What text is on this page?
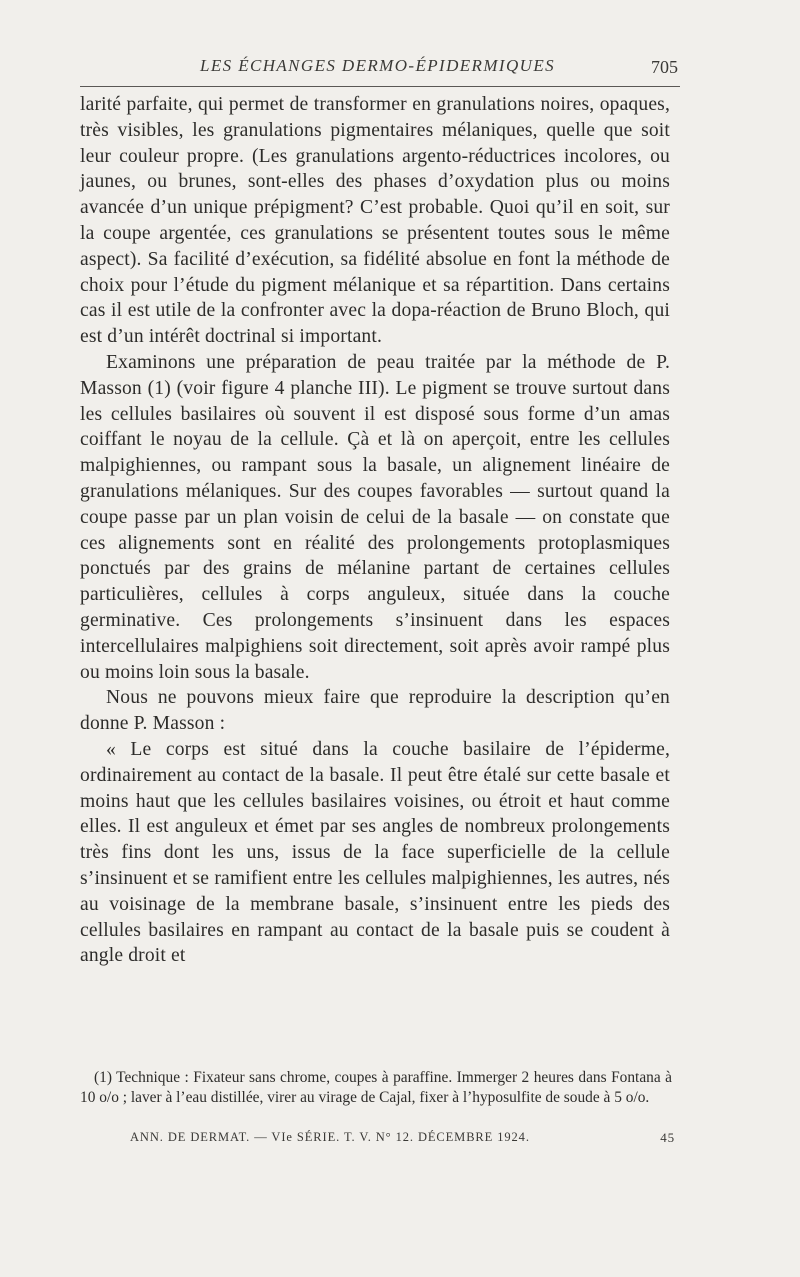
LES ÉCHANGES DERMO-ÉPIDERMIQUES	705

larité parfaite, qui permet de transformer en granulations noires, opaques, très visibles, les granulations pigmentaires mélaniques, quelle que soit leur couleur propre. (Les granulations argento-réductrices incolores, ou jaunes, ou brunes, sont-elles des phases d’oxydation plus ou moins avancée d’un unique prépigment? C’est probable. Quoi qu’il en soit, sur la coupe argentée, ces granulations se présentent toutes sous le même aspect). Sa facilité d’exécution, sa fidélité absolue en font la méthode de choix pour l’étude du pigment mélanique et sa répartition. Dans certains cas il est utile de la confronter avec la dopa-réaction de Bruno Bloch, qui est d’un intérêt doctrinal si important.

Examinons une préparation de peau traitée par la méthode de P. Masson (1) (voir figure 4 planche III). Le pigment se trouve surtout dans les cellules basilaires où souvent il est disposé sous forme d’un amas coiffant le noyau de la cellule. Çà et là on aperçoit, entre les cellules malpighiennes, ou rampant sous la basale, un alignement linéaire de granulations mélaniques. Sur des coupes favorables — surtout quand la coupe passe par un plan voisin de celui de la basale — on constate que ces alignements sont en réalité des prolongements protoplasmiques ponctués par des grains de mélanine partant de certaines cellules particulières, cellules à corps anguleux, située dans la couche germinative. Ces prolongements s’insinuent dans les espaces intercellulaires malpighiens soit directement, soit après avoir rampé plus ou moins loin sous la basale.

Nous ne pouvons mieux faire que reproduire la description qu’en donne P. Masson :

« Le corps est situé dans la couche basilaire de l’épiderme, ordinairement au contact de la basale. Il peut être étalé sur cette basale et moins haut que les cellules basilaires voisines, ou étroit et haut comme elles. Il est anguleux et émet par ses angles de nombreux prolongements très fins dont les uns, issus de la face superficielle de la cellule s’insinuent et se ramifient entre les cellules malpighiennes, les autres, nés au voisinage de la membrane basale, s’insinuent entre les pieds des cellules basilaires en rampant au contact de la basale puis se coudent à angle droit et

(1) Technique : Fixateur sans chrome, coupes à paraffine. Immerger 2 heures dans Fontana à 10 o/o ; laver à l’eau distillée, virer au virage de Cajal, fixer à l’hyposulfite de soude à 5 o/o.

ANN. DE DERMAT. — VIe SÉRIE. T. V. N° 12. DÉCEMBRE 1924.	45
